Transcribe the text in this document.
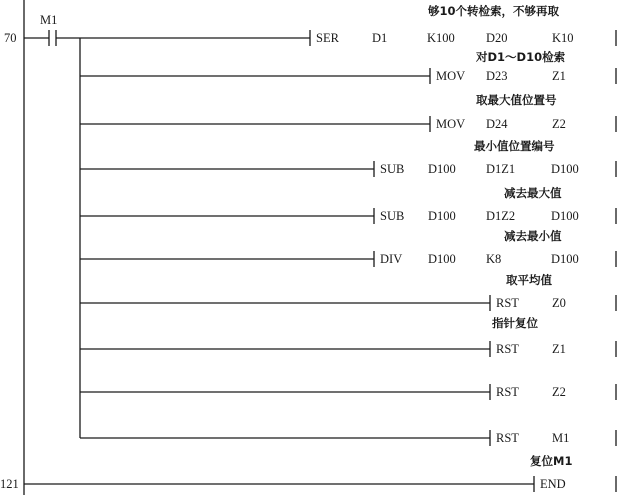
70
121
M1
够10个转检索，不够再取
SER	D1	K100 D20	K10
对D1～D10检索
MOV D23	Z1
取最大值位置号
MOV D24	Z2
最小值位置编号
SUB D100 D1Z1	D100
减去最大值
SUB D100 D1Z2	D100
减去最小值
DIV D100 K8	D100
取平均值
RST	Z0
指针复位
RST	Z1
RST	Z2
RST	M1
复位M1
END
